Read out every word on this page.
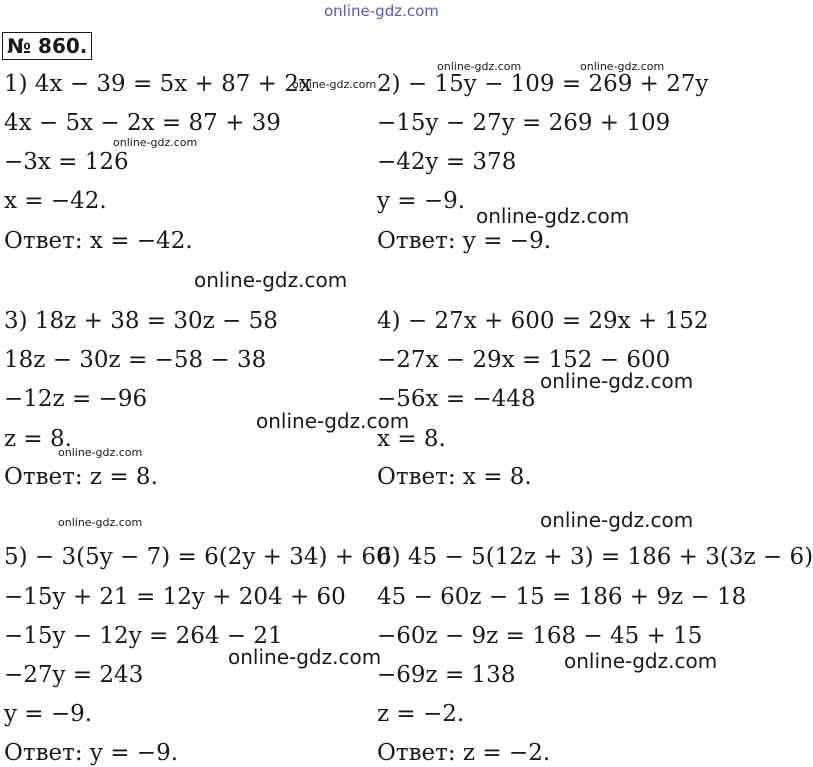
online-gdz.com
№ 860.
1) 4x − 39 = 5x + 87 + 2x
4x − 5x − 2x = 87 + 39
−3x = 126
x = −42.
Ответ: x = −42.
2) − 15y − 109 = 269 + 27y
−15y − 27y = 269 + 109
−42y = 378
y = −9.
Ответ: y = −9.
3) 18z + 38 = 30z − 58
18z − 30z = −58 − 38
−12z = −96
z = 8.
Ответ: z = 8.
4) − 27x + 600 = 29x + 152
−27x − 29x = 152 − 600
−56x = −448
x = 8.
Ответ: x = 8.
5) − 3(5y − 7) = 6(2y + 34) + 60
−15y + 21 = 12y + 204 + 60
−15y − 12y = 264 − 21
−27y = 243
y = −9.
Ответ: y = −9.
6) 45 − 5(12z + 3) = 186 + 3(3z − 6)
45 − 60z − 15 = 186 + 9z − 18
−60z − 9z = 168 − 45 + 15
−69z = 138
z = −2.
Ответ: z = −2.
online-gdz.com	online-gdz.com
online-gdz.com
online-gdz.com
online-gdz.com
online-gdz.com
online-gdz.com
online-gdz.com
online-gdz.com
online-gdz.com	online-gdz.com
online-gdz.com	online-gdz.com
